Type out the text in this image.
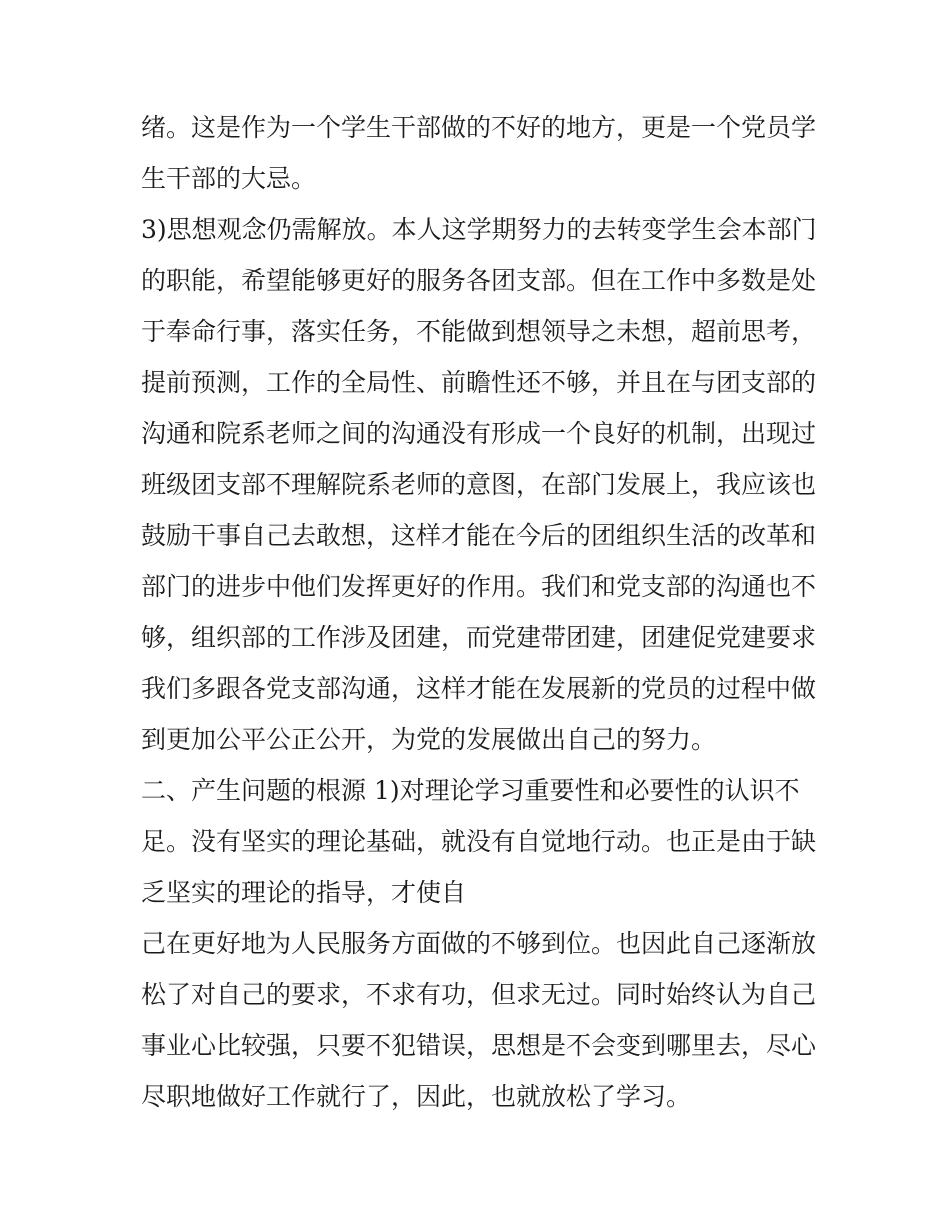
绪。这是作为一个学生干部做的不好的地方，更是一个党员学
生干部的大忌。
3)思想观念仍需解放。本人这学期努力的去转变学生会本部门
的职能，希望能够更好的服务各团支部。但在工作中多数是处
于奉命行事，落实任务，不能做到想领导之未想，超前思考，
提前预测，工作的全局性、前瞻性还不够，并且在与团支部的
沟通和院系老师之间的沟通没有形成一个良好的机制，出现过
班级团支部不理解院系老师的意图，在部门发展上，我应该也
鼓励干事自己去敢想，这样才能在今后的团组织生活的改革和
部门的进步中他们发挥更好的作用。我们和党支部的沟通也不
够，组织部的工作涉及团建，而党建带团建，团建促党建要求
我们多跟各党支部沟通，这样才能在发展新的党员的过程中做
到更加公平公正公开，为党的发展做出自己的努力。
二、产生问题的根源 1)对理论学习重要性和必要性的认识不
足。没有坚实的理论基础，就没有自觉地行动。也正是由于缺
乏坚实的理论的指导，才使自
己在更好地为人民服务方面做的不够到位。也因此自己逐渐放
松了对自己的要求，不求有功，但求无过。同时始终认为自己
事业心比较强，只要不犯错误，思想是不会变到哪里去，尽心
尽职地做好工作就行了，因此，也就放松了学习。
